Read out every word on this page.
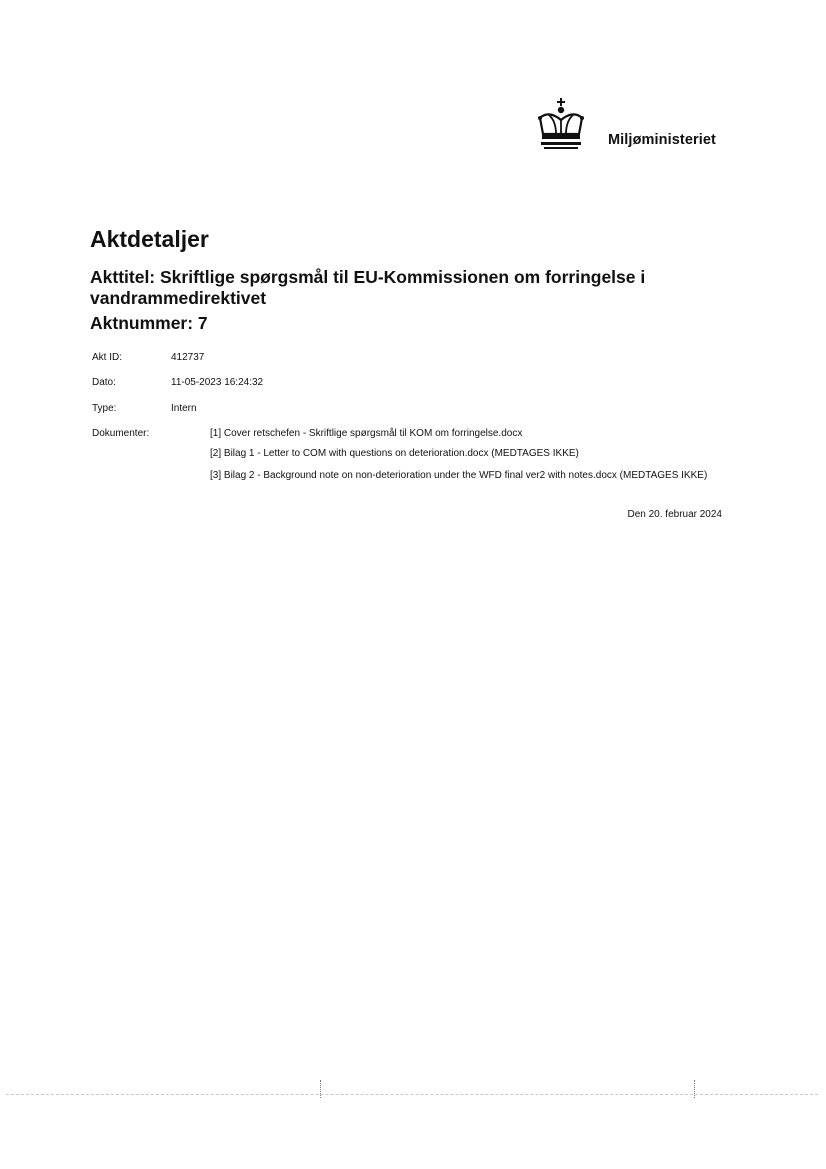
Miljøministeriet
Aktdetaljer
Akttitel: Skriftlige spørgsmål til EU-Kommissionen om forringelse i vandrammedirektivet
Aktnummer: 7
Akt ID:	412737
Dato:	11-05-2023 16:24:32
Type:	Intern
Dokumenter:	[1] Cover retschefen - Skriftlige spørgsmål til KOM om forringelse.docx
[2] Bilag 1 - Letter to COM with questions on deterioration.docx (MEDTAGES IKKE)
[3] Bilag 2 - Background note on non-deterioration under the WFD final ver2 with notes.docx (MEDTAGES IKKE)
Den 20. februar 2024
